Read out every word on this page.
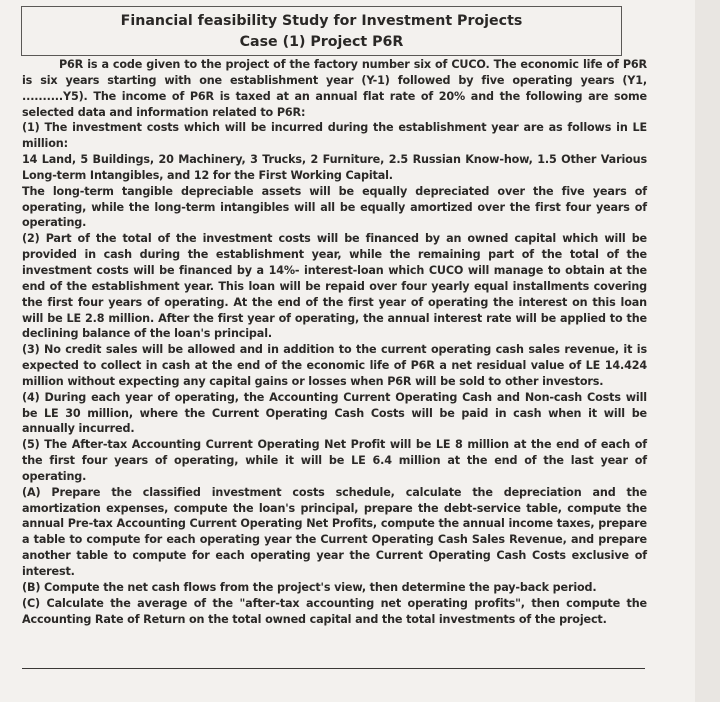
Financial feasibility Study for Investment Projects
Case (1) Project P6R

P6R is a code given to the project of the factory number six of CUCO. The economic life of P6R is six years starting with one establishment year (Y-1) followed by five operating years (Y1, ..........Y5). The income of P6R is taxed at an annual flat rate of 20% and the following are some selected data and information related to P6R:

(1) The investment costs which will be incurred during the establishment year are as follows in LE million:

14 Land, 5 Buildings, 20 Machinery, 3 Trucks, 2 Furniture, 2.5 Russian Know-how, 1.5 Other Various Long-term Intangibles, and 12 for the First Working Capital.

The long-term tangible depreciable assets will be equally depreciated over the five years of operating, while the long-term intangibles will all be equally amortized over the first four years of operating.

(2) Part of the total of the investment costs will be financed by an owned capital which will be provided in cash during the establishment year, while the remaining part of the total of the investment costs will be financed by a 14%- interest-loan which CUCO will manage to obtain at the end of the establishment year. This loan will be repaid over four yearly equal installments covering the first four years of operating. At the end of the first year of operating the interest on this loan will be LE 2.8 million. After the first year of operating, the annual interest rate will be applied to the declining balance of the loan's principal.

(3) No credit sales will be allowed and in addition to the current operating cash sales revenue, it is expected to collect in cash at the end of the economic life of P6R a net residual value of LE 14.424 million without expecting any capital gains or losses when P6R will be sold to other investors.

(4) During each year of operating, the Accounting Current Operating Cash and Non-cash Costs will be LE 30 million, where the Current Operating Cash Costs will be paid in cash when it will be annually incurred.

(5) The After-tax Accounting Current Operating Net Profit will be LE 8 million at the end of each of the first four years of operating, while it will be LE 6.4 million at the end of the last year of operating.

(A) Prepare the classified investment costs schedule, calculate the depreciation and the amortization expenses, compute the loan's principal, prepare the debt-service table, compute the annual Pre-tax Accounting Current Operating Net Profits, compute the annual income taxes, prepare a table to compute for each operating year the Current Operating Cash Sales Revenue, and prepare another table to compute for each operating year the Current Operating Cash Costs exclusive of interest.

(B) Compute the net cash flows from the project's view, then determine the pay-back period.

(C) Calculate the average of the "after-tax accounting net operating profits", then compute the Accounting Rate of Return on the total owned capital and the total investments of the project.
